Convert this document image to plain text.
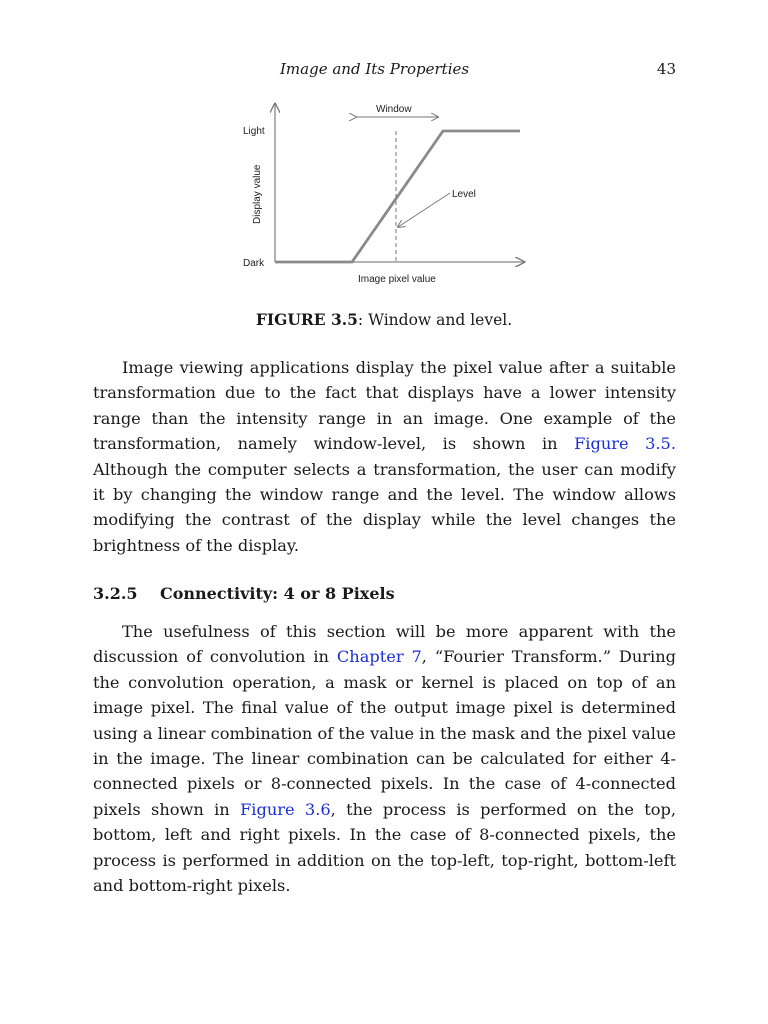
Image and Its Properties	43
Window
Level
Light
Dark
Display value
Image pixel value
FIGURE 3.5: Window and level.

Image viewing applications display the pixel value after a suitable transformation due to the fact that displays have a lower intensity range than the intensity range in an image. One example of the transformation, namely window-level, is shown in Figure 3.5. Although the computer selects a transformation, the user can modify it by changing the window range and the level. The window allows modifying the contrast of the display while the level changes the brightness of the display.

3.2.5 Connectivity: 4 or 8 Pixels

The usefulness of this section will be more apparent with the discussion of convolution in Chapter 7, “Fourier Transform.” During the convolution operation, a mask or kernel is placed on top of an image pixel. The final value of the output image pixel is determined using a linear combination of the value in the mask and the pixel value in the image. The linear combination can be calculated for either 4-connected pixels or 8-connected pixels. In the case of 4-connected pixels shown in Figure 3.6, the process is performed on the top, bottom, left and right pixels. In the case of 8-connected pixels, the process is performed in addition on the top-left, top-right, bottom-left and bottom-right pixels.
